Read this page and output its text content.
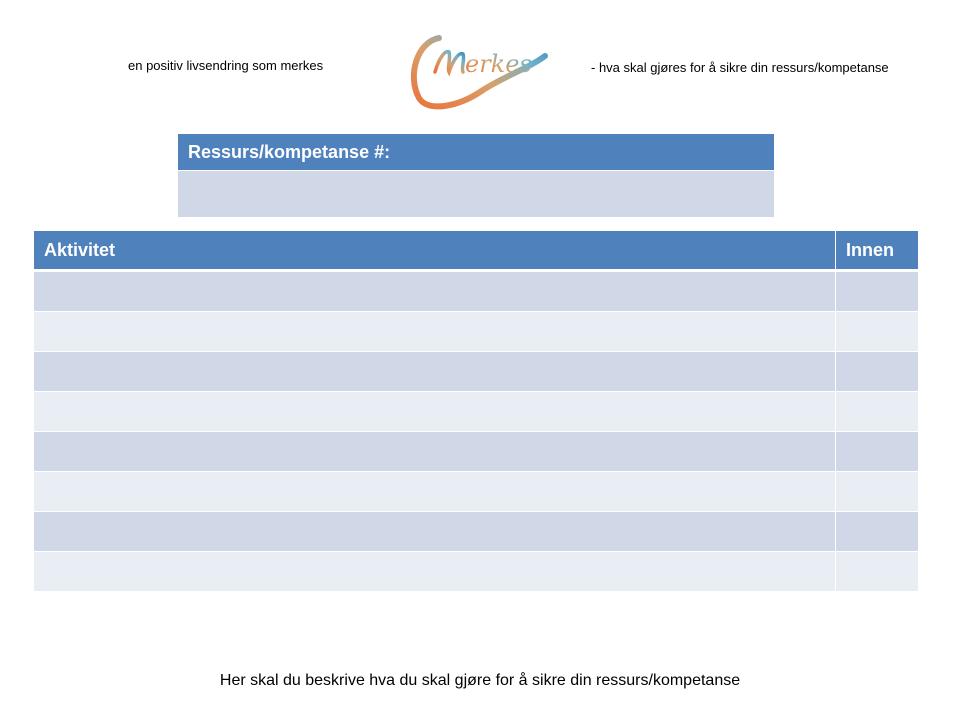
en positiv livsendring som merkes	erkes	- hva skal gjøres for å sikre din ressurs/kompetanse
Ressurs/kompetanse #:

Aktivitet	Innen

Her skal du beskrive hva du skal gjøre for å sikre din ressurs/kompetanse
